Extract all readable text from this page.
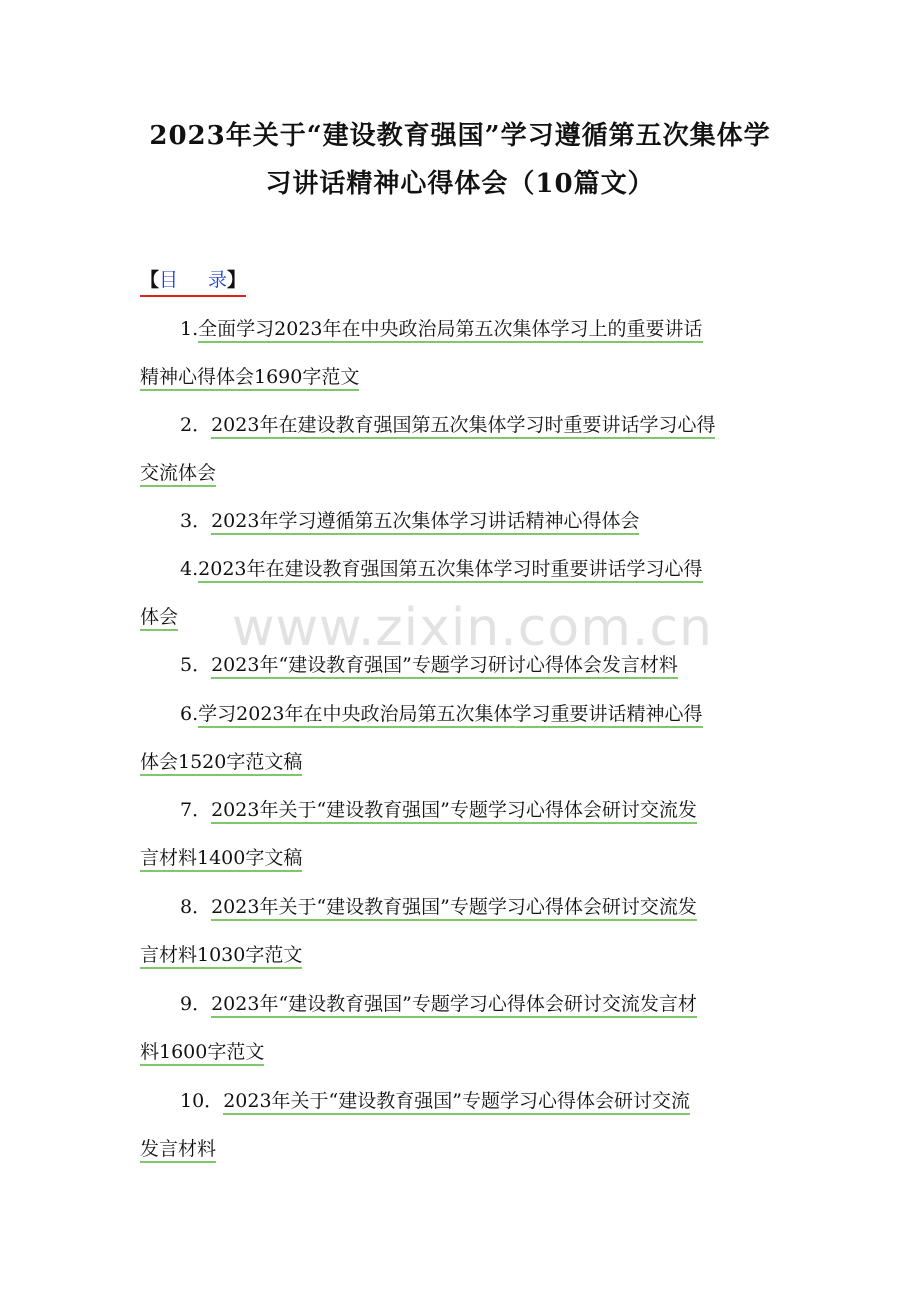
2023年关于“建设教育强国”学习遵循第五次集体学
习讲话精神心得体会（10篇文）
【目 录】
1.全面学习2023年在中央政治局第五次集体学习上的重要讲话
精神心得体会1690字范文
2．2023年在建设教育强国第五次集体学习时重要讲话学习心得
交流体会
3．2023年学习遵循第五次集体学习讲话精神心得体会
4.2023年在建设教育强国第五次集体学习时重要讲话学习心得
体会
5．2023年“建设教育强国”专题学习研讨心得体会发言材料
6.学习2023年在中央政治局第五次集体学习重要讲话精神心得
体会1520字范文稿
7．2023年关于“建设教育强国”专题学习心得体会研讨交流发
言材料1400字文稿
8．2023年关于“建设教育强国”专题学习心得体会研讨交流发
言材料1030字范文
9．2023年“建设教育强国”专题学习心得体会研讨交流发言材
料1600字范文
10．2023年关于“建设教育强国”专题学习心得体会研讨交流
发言材料
www.zixin.com.cn
